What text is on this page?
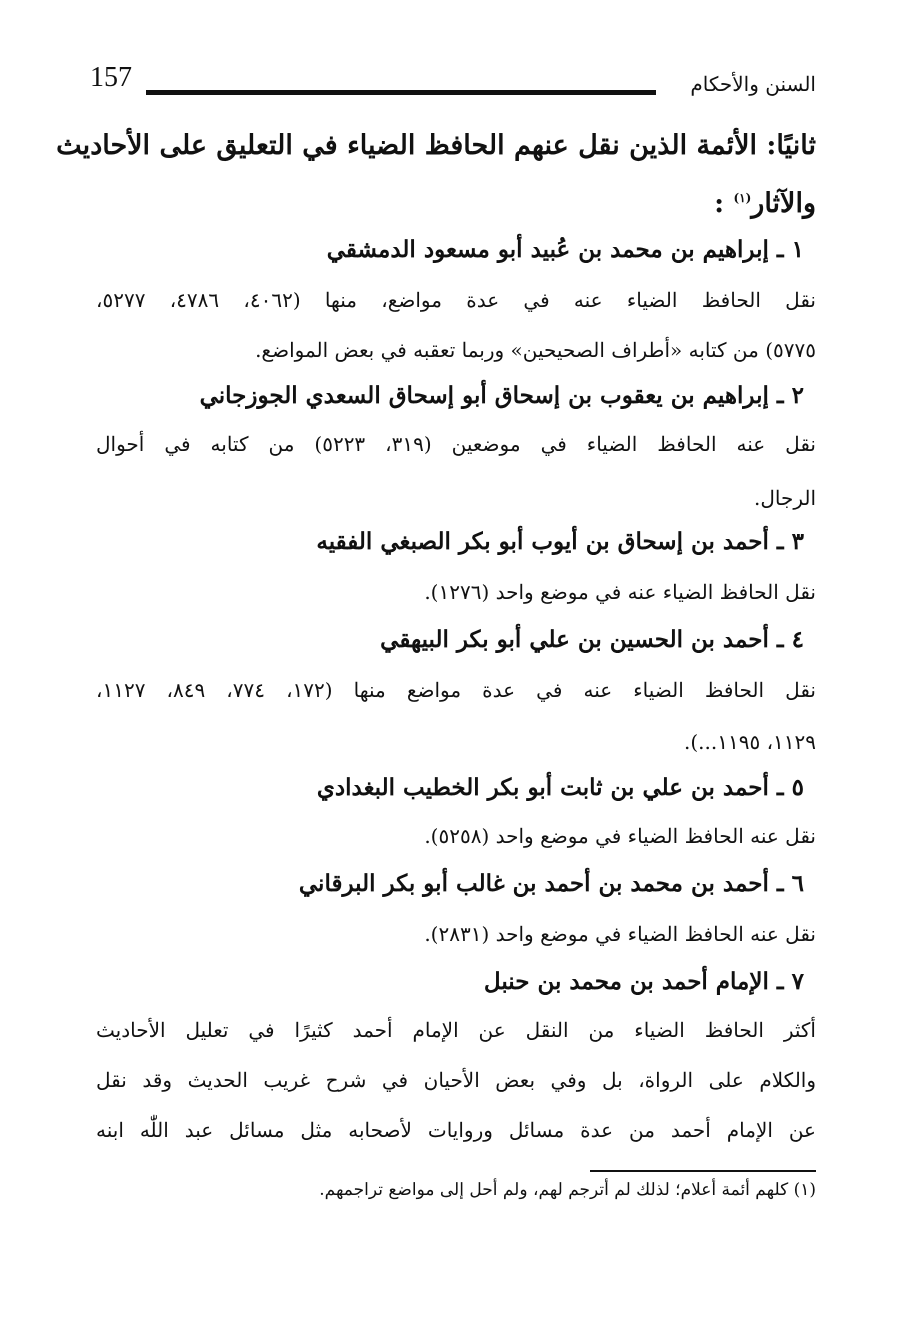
157	السنن والأحكام
ثانيًا: الأئمة الذين نقل عنهم الحافظ الضياء في التعليق على الأحاديث
والآثار$^{(١)}$ :
١ ـ إبراهيم بن محمد بن عُبيد أبو مسعود الدمشقي
نقل الحافظ الضياء عنه في عدة مواضع، منها (٤٠٦٢، ٤٧٨٦، ٥٢٧٧،
٥٧٧٥) من كتابه «أطراف الصحيحين» وربما تعقبه في بعض المواضع.
٢ ـ إبراهيم بن يعقوب بن إسحاق أبو إسحاق السعدي الجوزجاني
نقل عنه الحافظ الضياء في موضعين (٣١٩، ٥٢٢٣) من كتابه في أحوال
الرجال.
٣ ـ أحمد بن إسحاق بن أيوب أبو بكر الصبغي الفقيه
نقل الحافظ الضياء عنه في موضع واحد (١٢٧٦).
٤ ـ أحمد بن الحسين بن علي أبو بكر البيهقي
نقل الحافظ الضياء عنه في عدة مواضع منها (١٧٢، ٧٧٤، ٨٤٩، ١١٢٧،
١١٢٩، ١١٩٥...).
٥ ـ أحمد بن علي بن ثابت أبو بكر الخطيب البغدادي
نقل عنه الحافظ الضياء في موضع واحد (٥٢٥٨).
٦ ـ أحمد بن محمد بن أحمد بن غالب أبو بكر البرقاني
نقل عنه الحافظ الضياء في موضع واحد (٢٨٣١).
٧ ـ الإمام أحمد بن محمد بن حنبل
أكثر الحافظ الضياء من النقل عن الإمام أحمد كثيرًا في تعليل الأحاديث
والكلام على الرواة، بل وفي بعض الأحيان في شرح غريب الحديث وقد نقل
عن الإمام أحمد من عدة مسائل وروايات لأصحابه مثل مسائل عبد اللّٰه ابنه
(١) كلهم أئمة أعلام؛ لذلك لم أترجم لهم، ولم أحل إلى مواضع تراجمهم.
